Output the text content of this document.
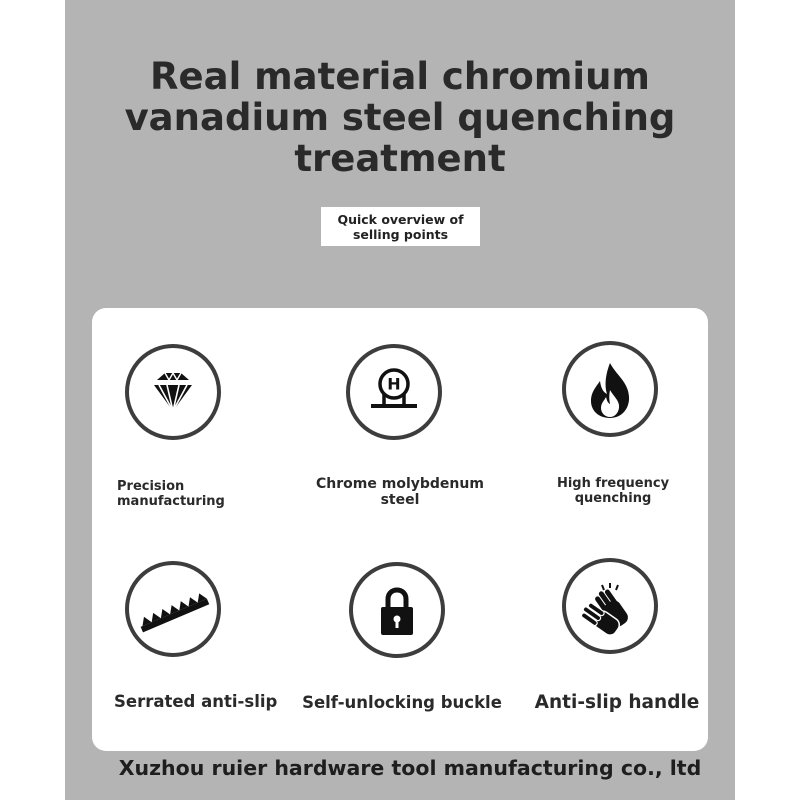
Real material chromium vanadium steel quenching treatment
Quick overview of selling points
H
Precision manufacturing
Chrome molybdenum steel
High frequency quenching
Serrated anti-slip	Self-unlocking buckle Anti-slip handle
Xuzhou ruier hardware tool manufacturing co., ltd
